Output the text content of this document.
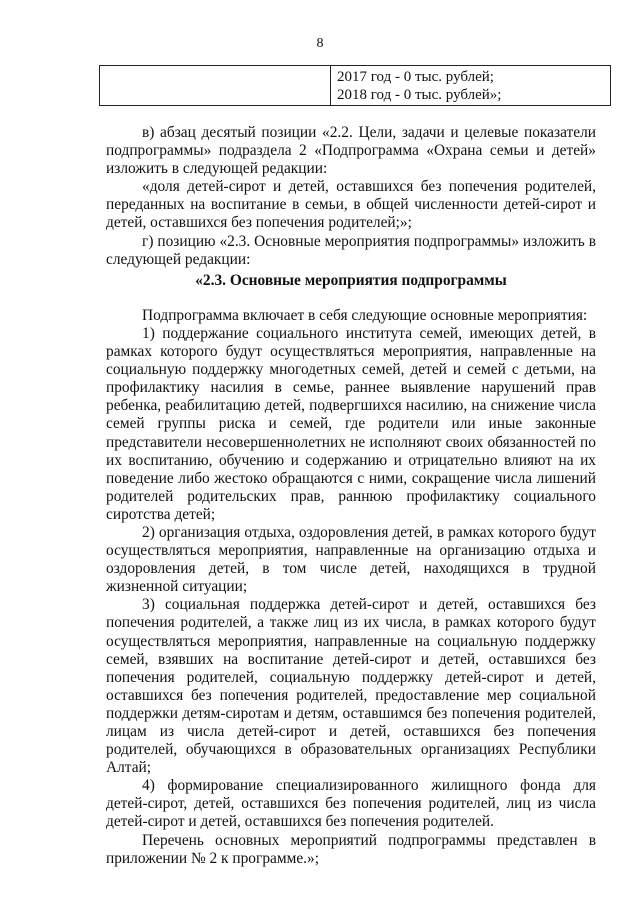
8
2017 год - 0 тыс. рублей;
2018 год - 0 тыс. рублей»;

в) абзац десятый позиции «2.2. Цели, задачи и целевые показатели подпрограммы» подраздела 2 «Подпрограмма «Охрана семьи и детей» изложить в следующей редакции:

«доля детей-сирот и детей, оставшихся без попечения родителей, переданных на воспитание в семьи, в общей численности детей-сирот и детей, оставшихся без попечения родителей;»;

г) позицию «2.3. Основные мероприятия подпрограммы» изложить в следующей редакции:

«2.3. Основные мероприятия подпрограммы

Подпрограмма включает в себя следующие основные мероприятия:

1) поддержание социального института семей, имеющих детей, в рамках которого будут осуществляться мероприятия, направленные на социальную поддержку многодетных семей, детей и семей с детьми, на профилактику насилия в семье, раннее выявление нарушений прав ребенка, реабилитацию детей, подвергшихся насилию, на снижение числа семей группы риска и семей, где родители или иные законные представители несовершеннолетних не исполняют своих обязанностей по их воспитанию, обучению и содержанию и отрицательно влияют на их поведение либо жестоко обращаются с ними, сокращение числа лишений родителей родительских прав, раннюю профилактику социального сиротства детей;

2) организация отдыха, оздоровления детей, в рамках которого будут осуществляться мероприятия, направленные на организацию отдыха и оздоровления детей, в том числе детей, находящихся в трудной жизненной ситуации;

3) социальная поддержка детей-сирот и детей, оставшихся без попечения родителей, а также лиц из их числа, в рамках которого будут осуществляться мероприятия, направленные на социальную поддержку семей, взявших на воспитание детей-сирот и детей, оставшихся без попечения родителей, социальную поддержку детей-сирот и детей, оставшихся без попечения родителей, предоставление мер социальной поддержки детям-сиротам и детям, оставшимся без попечения родителей, лицам из числа детей-сирот и детей, оставшихся без попечения родителей, обучающихся в образовательных организациях Республики Алтай;

4) формирование специализированного жилищного фонда для детей-сирот, детей, оставшихся без попечения родителей, лиц из числа детей-сирот и детей, оставшихся без попечения родителей.

Перечень основных мероприятий подпрограммы представлен в приложении № 2 к программе.»;
